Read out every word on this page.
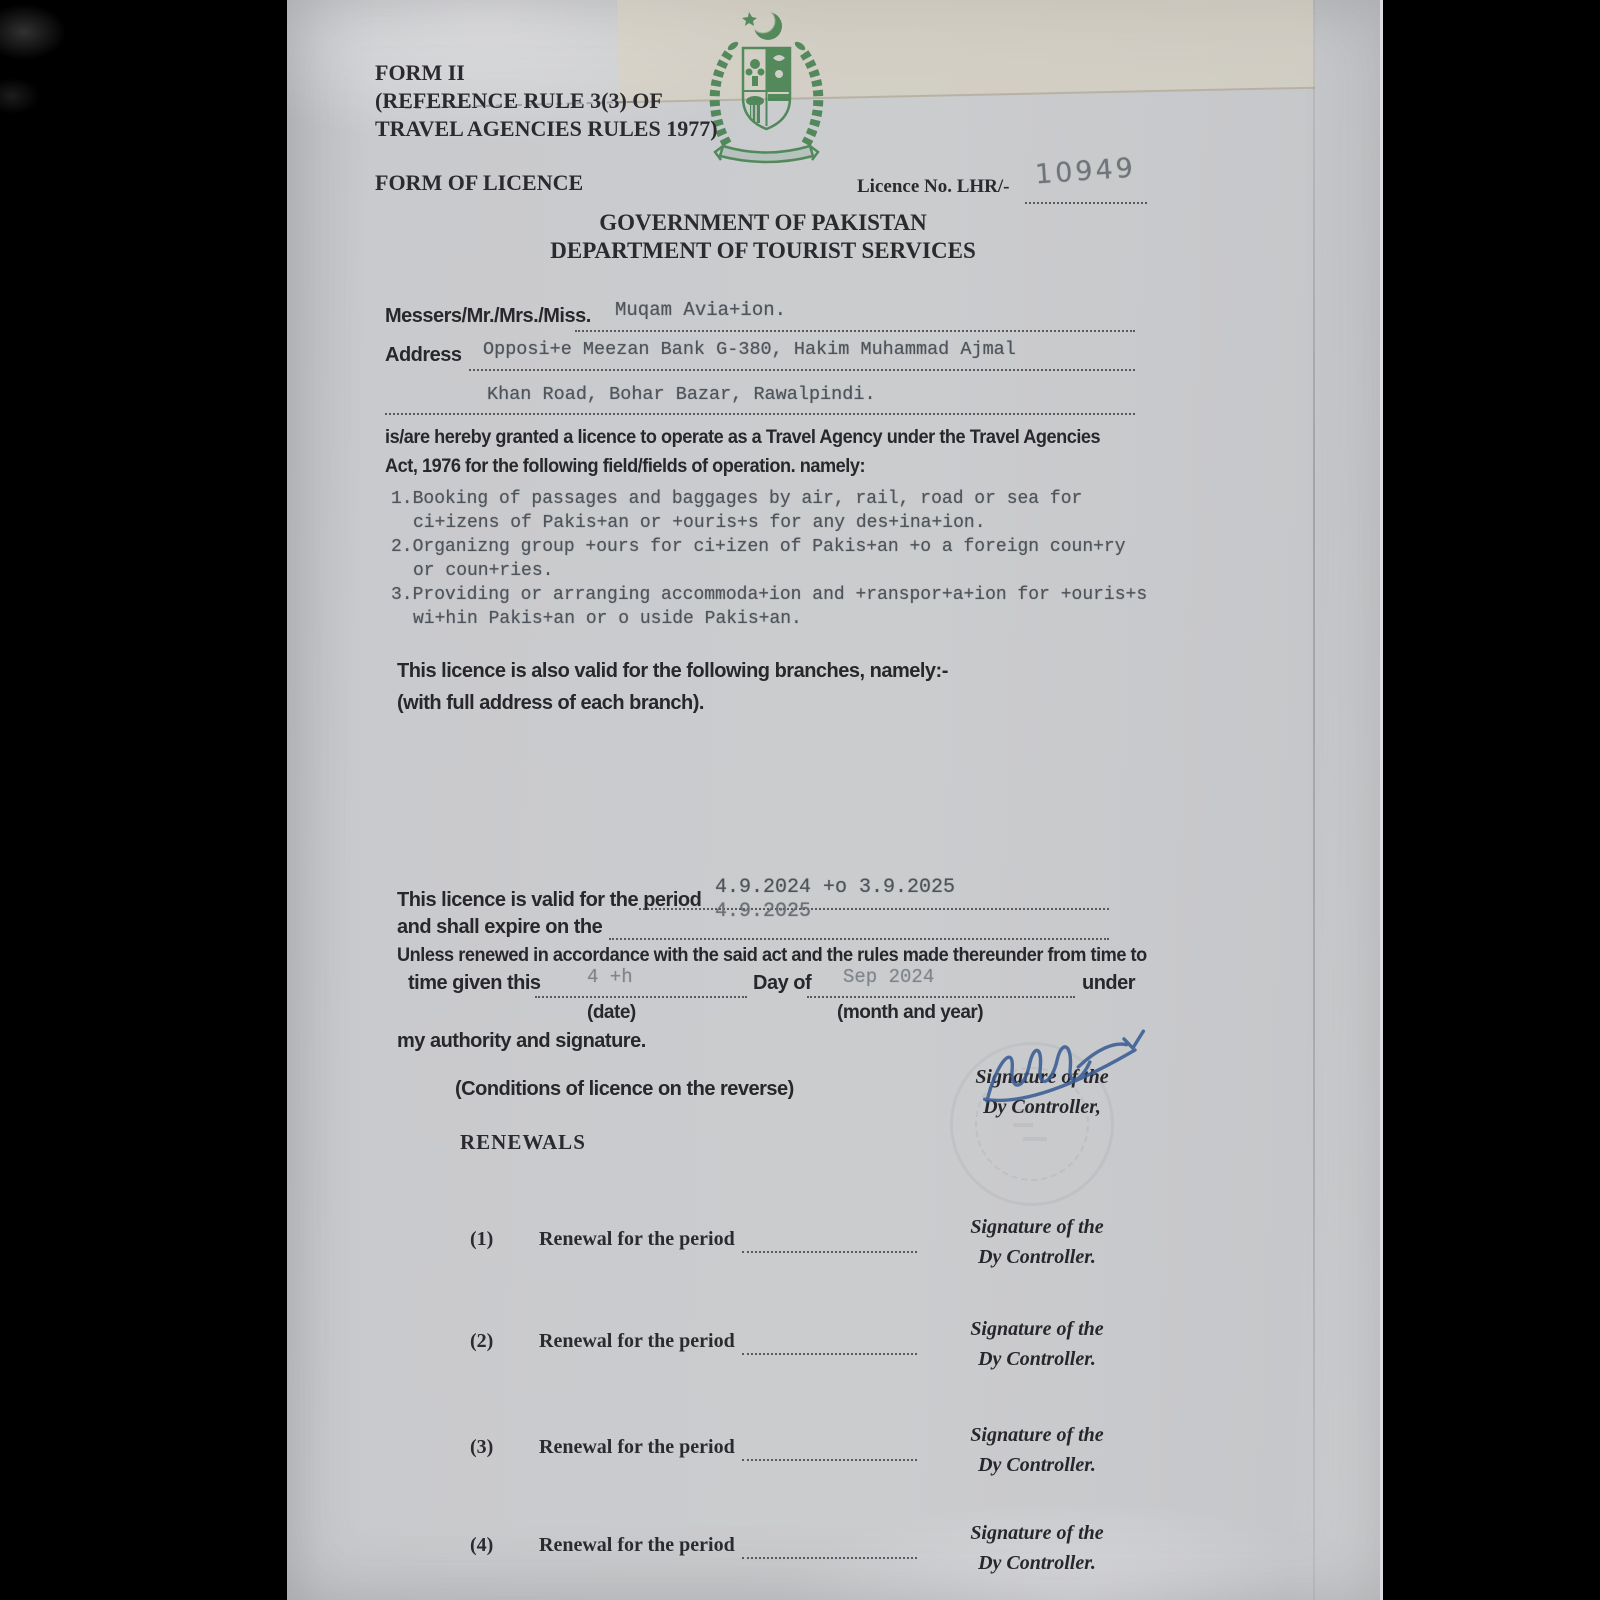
FORM II
(REFERENCE RULE 3(3) OF
TRAVEL AGENCIES RULES 1977)
FORM OF LICENCE	Licence No. LHR/- 10949
GOVERNMENT OF PAKISTAN
DEPARTMENT OF TOURIST SERVICES
Messers/Mr./Mrs./Miss. Muqam Avia+ion.
Address Opposi+e Meezan Bank G-380, Hakim Muhammad Ajmal
Khan Road, Bohar Bazar, Rawalpindi.
is/are hereby granted a licence to operate as a Travel Agency under the Travel Agencies
Act, 1976 for the following field/fields of operation. namely:
1.Booking of passages and baggages by air, rail, road or sea for
ci+izens of Pakis+an or +ouris+s for any des+ina+ion.
2.Organizng group +ours for ci+izen of Pakis+an +o a foreign coun+ry
or coun+ries.
3.Providing or arranging accommoda+ion and +ranspor+a+ion for +ouris+s
wi+hin Pakis+an or o uside Pakis+an.
This licence is also valid for the following branches, namely:-
(with full address of each branch).
4.9.2024 +o 3.9.2025
This licence is valid for the period 4.9.2025
and shall expire on the
Unless renewed in accordance with the said act and the rules made thereunder from time to
time given this 4 +h	Day of Sep 2024	under
(date)	(month and year)
my authority and signature.
(Conditions of licence on the reverse)
Signature of the
Dy Controller,
RENEWALS
(1) Renewal for the period
Signature of the
Dy Controller.
(2) Renewal for the period
Signature of the
Dy Controller.
(3) Renewal for the period
Signature of the
Dy Controller.
(4) Renewal for the period
Signature of the
Dy Controller.
